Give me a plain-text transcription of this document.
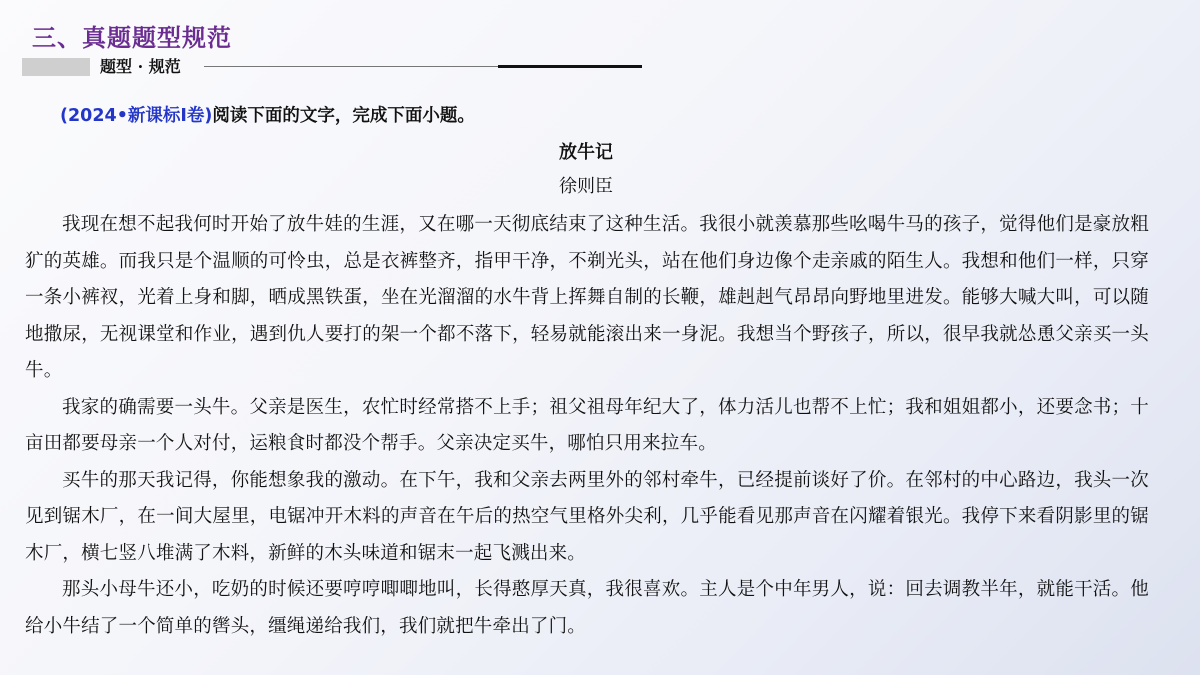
三、真题题型规范
题型 · 规范
(2024•新课标Ⅰ卷)阅读下面的文字，完成下面小题。
放牛记
徐则臣

我现在想不起我何时开始了放牛娃的生涯，又在哪一天彻底结束了这种生活。我很小就羡慕那些吆喝牛马的孩子，觉得他们是豪放粗犷的英雄。而我只是个温顺的可怜虫，总是衣裤整齐，指甲干净，不剃光头，站在他们身边像个走亲戚的陌生人。我想和他们一样，只穿一条小裤衩，光着上身和脚，晒成黑铁蛋，坐在光溜溜的水牛背上挥舞自制的长鞭，雄赳赳气昂昂向野地里进发。能够大喊大叫，可以随地撒尿，无视课堂和作业，遇到仇人要打的架一个都不落下，轻易就能滚出来一身泥。我想当个野孩子，所以，很早我就怂恿父亲买一头牛。

我家的确需要一头牛。父亲是医生，农忙时经常搭不上手；祖父祖母年纪大了，体力活儿也帮不上忙；我和姐姐都小，还要念书；十亩田都要母亲一个人对付，运粮食时都没个帮手。父亲决定买牛，哪怕只用来拉车。

买牛的那天我记得，你能想象我的激动。在下午，我和父亲去两里外的邻村牵牛，已经提前谈好了价。在邻村的中心路边，我头一次见到锯木厂，在一间大屋里，电锯冲开木料的声音在午后的热空气里格外尖利，几乎能看见那声音在闪耀着银光。我停下来看阴影里的锯木厂，横七竖八堆满了木料，新鲜的木头味道和锯末一起飞溅出来。

那头小母牛还小，吃奶的时候还要哼哼唧唧地叫，长得憨厚天真，我很喜欢。主人是个中年男人，说：回去调教半年，就能干活。他给小牛结了一个简单的辔头，缰绳递给我们，我们就把牛牵出了门。
